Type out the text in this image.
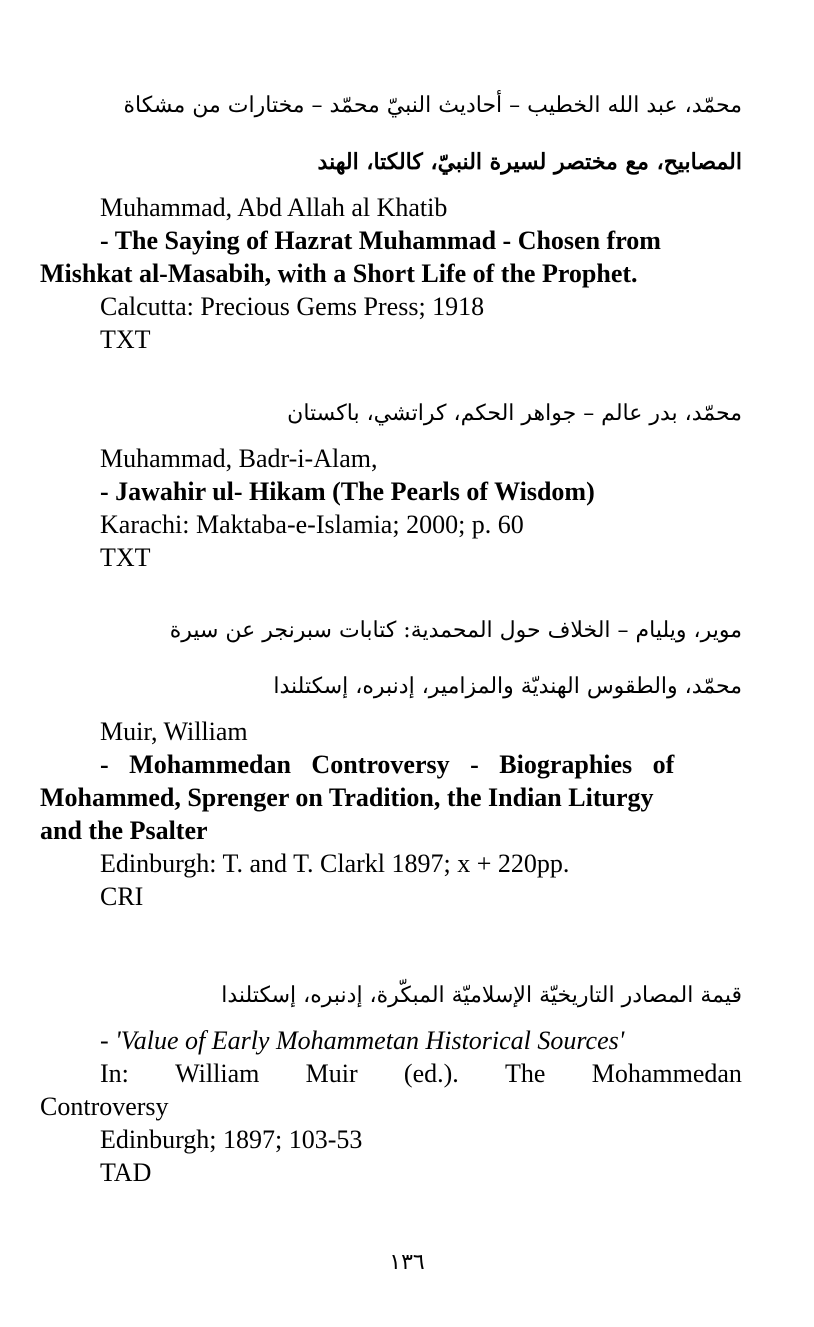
محمّد، عبد الله الخطيب – أحاديث النبيّ محمّد – مختارات من مشكاة
المصابيح، مع مختصر لسيرة النبيّ، كالكتا، الهند
Muhammad, Abd Allah al Khatib
- The Saying of Hazrat Muhammad - Chosen from
Mishkat al-Masabih, with a Short Life of the Prophet.
Calcutta: Precious Gems Press; 1918
TXT
محمّد، بدر عالم – جواهر الحكم، كراتشي، باكستان
Muhammad, Badr-i-Alam,
- Jawahir ul- Hikam (The Pearls of Wisdom)
Karachi: Maktaba-e-Islamia; 2000; p. 60
TXT
موير، ويليام – الخلاف حول المحمدية: كتابات سبرنجر عن سيرة
محمّد، والطقوس الهنديّة والمزامير، إدنبره، إسكتلندا
Muir, William
- Mohammedan Controversy - Biographies of
Mohammed, Sprenger on Tradition, the Indian Liturgy
and the Psalter
Edinburgh: T. and T. Clarkl 1897; x + 220pp.
CRI
قيمة المصادر التاريخيّة الإسلاميّة المبكّرة، إدنبره، إسكتلندا
- 'Value of Early Mohammetan Historical Sources'
In: William Muir (ed.). The Mohammedan
Controversy
Edinburgh; 1897; 103-53
TAD
١٣٦
